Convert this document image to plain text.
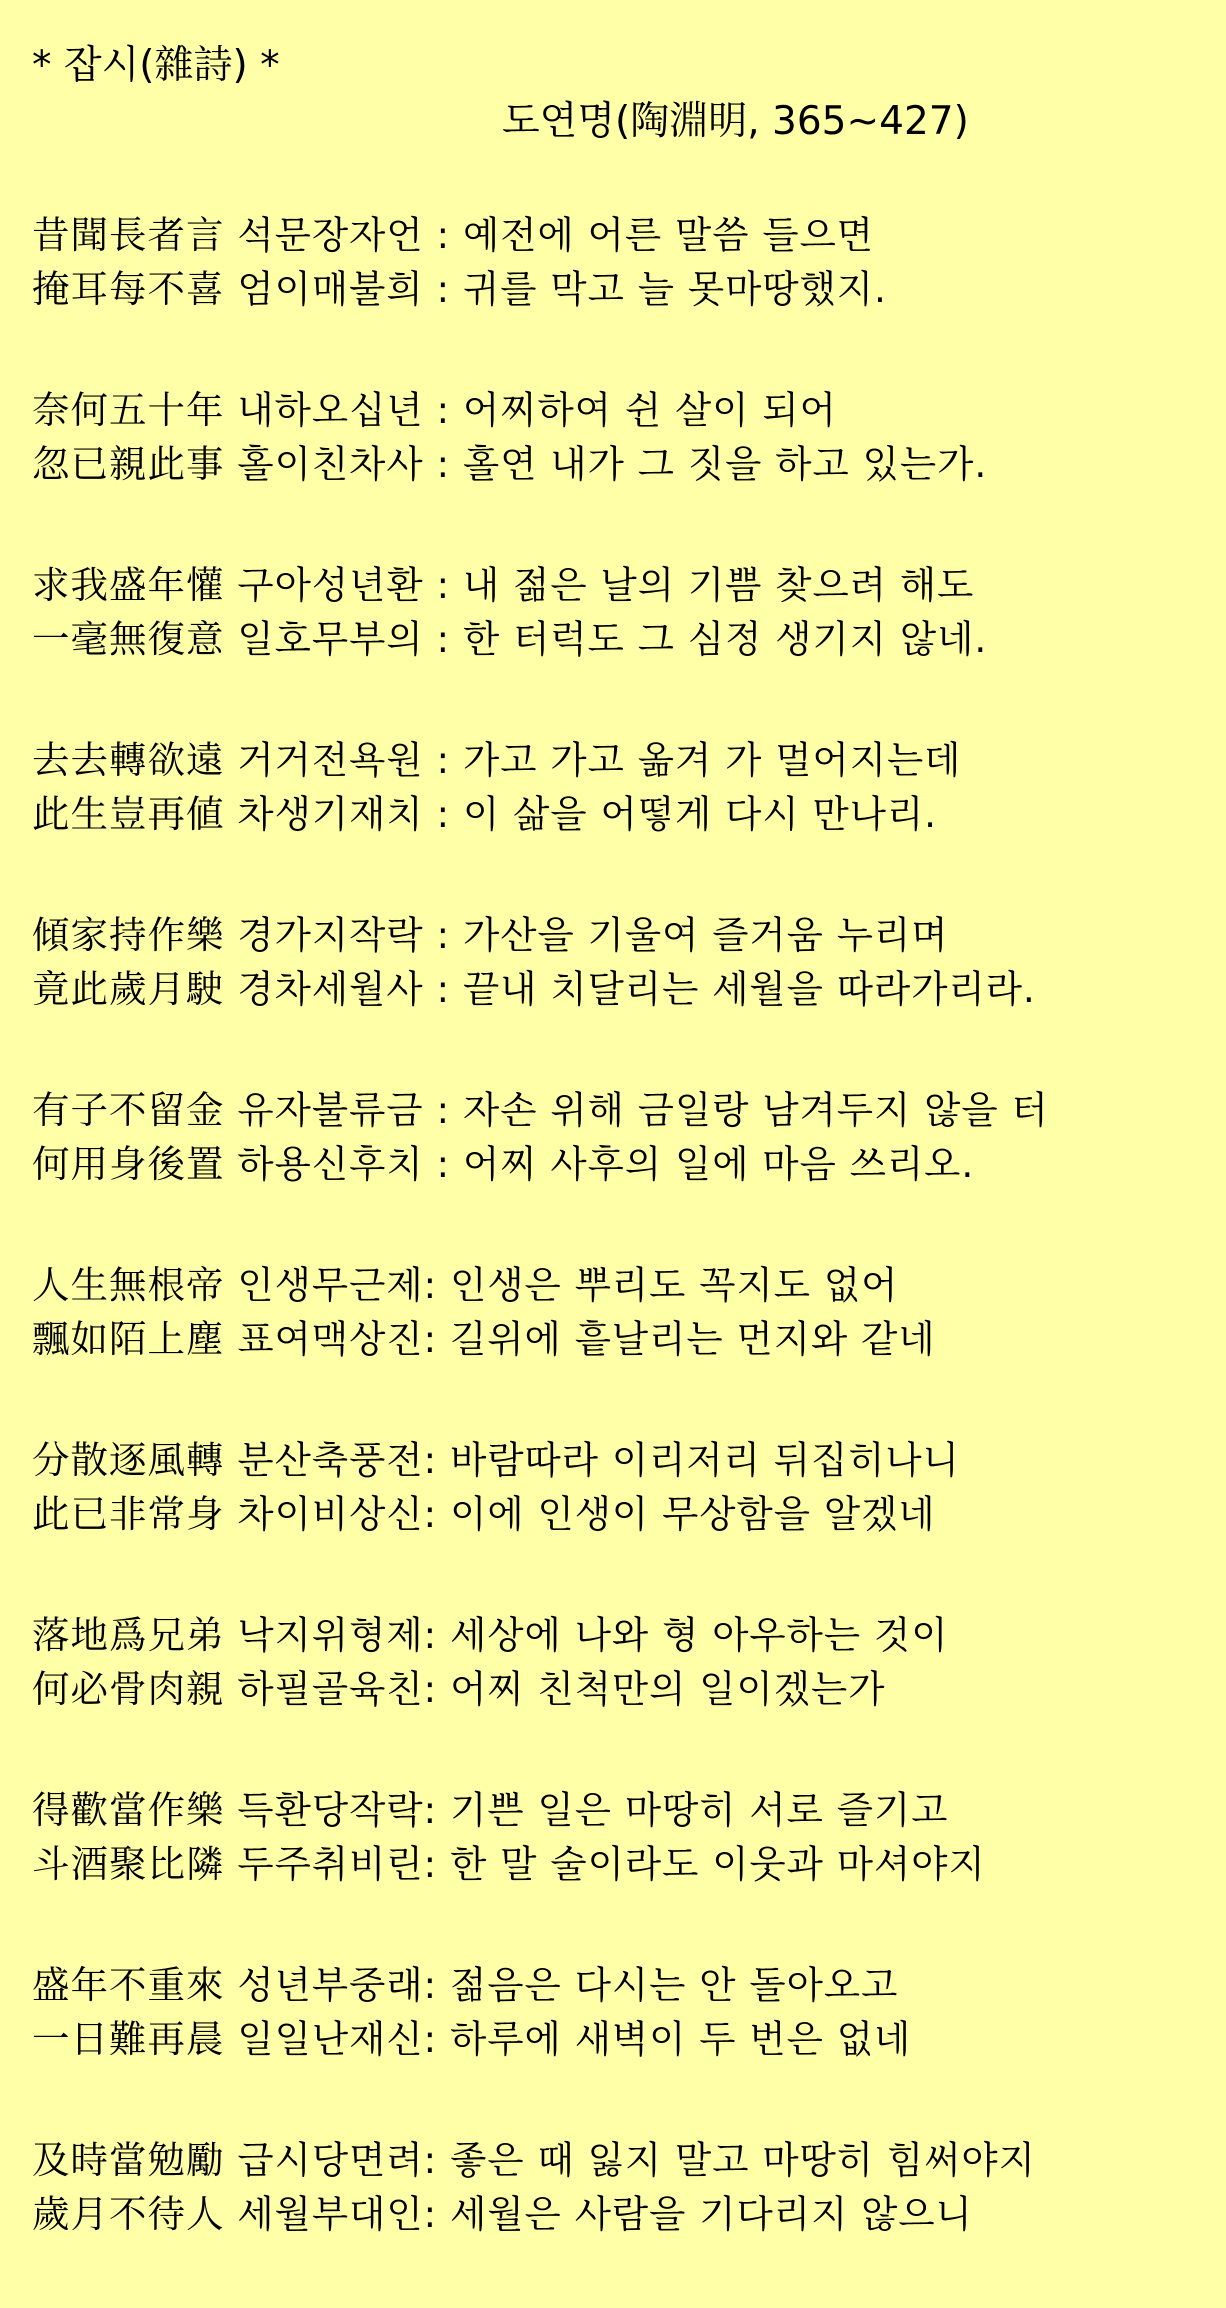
* 잡시(雜詩) *
도연명(陶淵明, 365~427)
昔聞長者言 석문장자언 : 예전에 어른 말씀 들으면
掩耳每不喜 엄이매불희 : 귀를 막고 늘 못마땅했지.
奈何五十年 내하오십년 : 어찌하여 쉰 살이 되어
忽已親此事 홀이친차사 : 홀연 내가 그 짓을 하고 있는가.
求我盛年懽 구아성년환 : 내 젊은 날의 기쁨 찾으려 해도
一毫無復意 일호무부의 : 한 터럭도 그 심정 생기지 않네.
去去轉欲遠 거거전욕원 : 가고 가고 옮겨 가 멀어지는데
此生豈再値 차생기재치 : 이 삶을 어떻게 다시 만나리.
傾家持作樂 경가지작락 : 가산을 기울여 즐거움 누리며
竟此歲月駛 경차세월사 : 끝내 치달리는 세월을 따라가리라.
有子不留金 유자불류금 : 자손 위해 금일랑 남겨두지 않을 터
何用身後置 하용신후치 : 어찌 사후의 일에 마음 쓰리오.
人生無根帝 인생무근제: 인생은 뿌리도 꼭지도 없어
飄如陌上塵 표여맥상진: 길위에 흩날리는 먼지와 같네
分散逐風轉 분산축풍전: 바람따라 이리저리 뒤집히나니
此已非常身 차이비상신: 이에 인생이 무상함을 알겠네
落地爲兄弟 낙지위형제: 세상에 나와 형 아우하는 것이
何必骨肉親 하필골육친: 어찌 친척만의 일이겠는가
得歡當作樂 득환당작락: 기쁜 일은 마땅히 서로 즐기고
斗酒聚比隣 두주취비린: 한 말 술이라도 이웃과 마셔야지
盛年不重來 성년부중래: 젊음은 다시는 안 돌아오고
一日難再晨 일일난재신: 하루에 새벽이 두 번은 없네
及時當勉勵 급시당면려: 좋은 때 잃지 말고 마땅히 힘써야지
歲月不待人 세월부대인: 세월은 사람을 기다리지 않으니
